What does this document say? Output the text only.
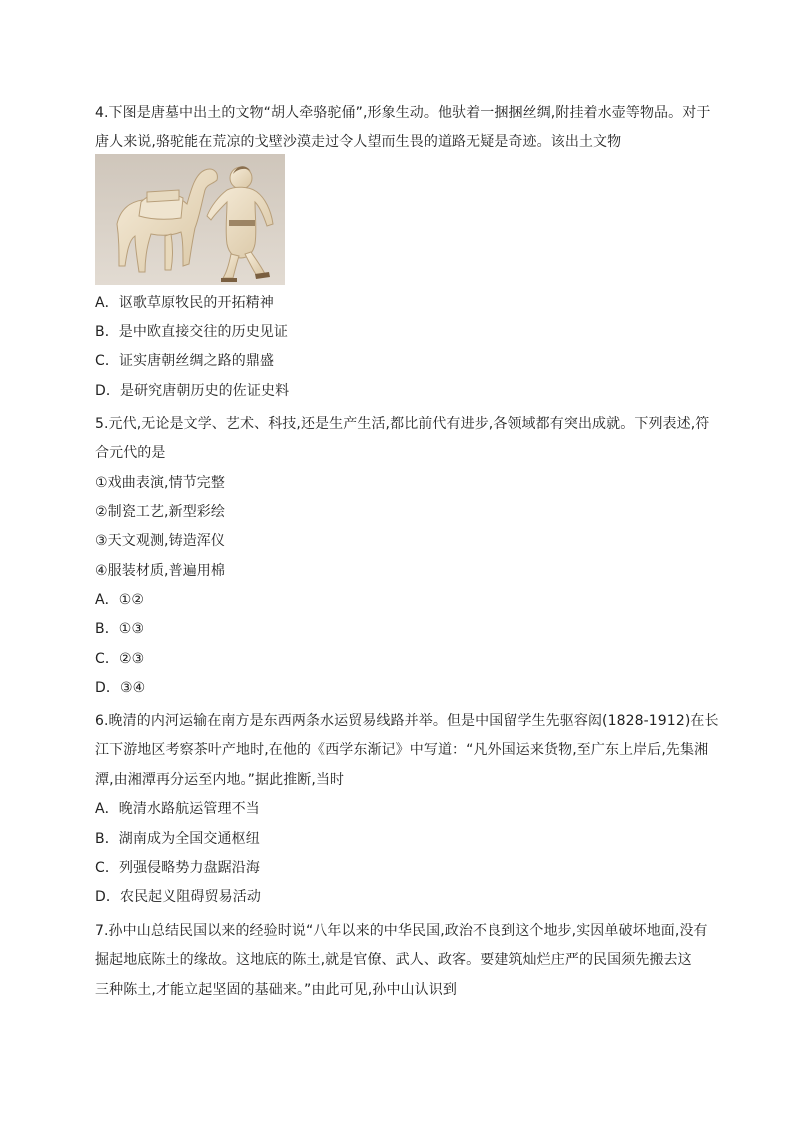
4.下图是唐墓中出土的文物“胡人牵骆驼俑”,形象生动。他驮着一捆捆丝绸,附挂着水壶等物品。对于
唐人来说,骆驼能在荒凉的戈壁沙漠走过令人望而生畏的道路无疑是奇迹。该出土文物
A．讴歌草原牧民的开拓精神
B．是中欧直接交往的历史见证
C．证实唐朝丝绸之路的鼎盛
D．是研究唐朝历史的佐证史料
5.元代,无论是文学、艺术、科技,还是生产生活,都比前代有进步,各领域都有突出成就。下列表述,符
合元代的是
①戏曲表演,情节完整
②制瓷工艺,新型彩绘
③天文观测,铸造浑仪
④服装材质,普遍用棉
A．①②
B．①③
C．②③
D．③④
6.晚清的内河运输在南方是东西两条水运贸易线路并举。但是中国留学生先驱容闳(1828-1912)在长
江下游地区考察茶叶产地时,在他的《西学东渐记》中写道：“凡外国运来货物,至广东上岸后,先集湘
潭,由湘潭再分运至内地。”据此推断,当时
A．晚清水路航运管理不当
B．湖南成为全国交通枢纽
C．列强侵略势力盘踞沿海
D．农民起义阻碍贸易活动
7.孙中山总结民国以来的经验时说“八年以来的中华民国,政治不良到这个地步,实因单破坏地面,没有
掘起地底陈土的缘故。这地底的陈土,就是官僚、武人、政客。要建筑灿烂庄严的民国须先搬去这
三种陈土,才能立起坚固的基础来。”由此可见,孙中山认识到
